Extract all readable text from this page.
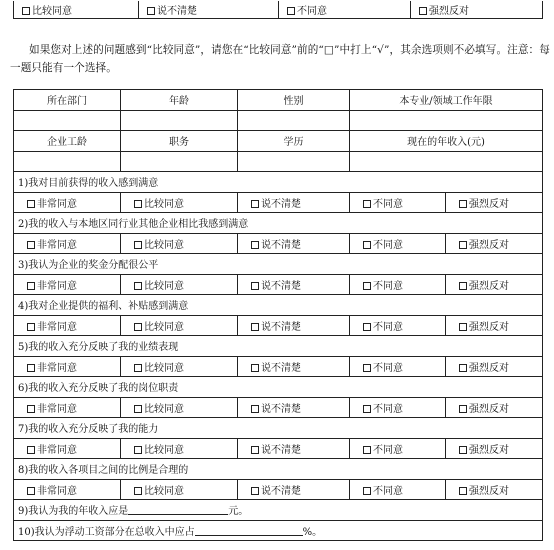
比较同意	说不清楚	不同意	强烈反对

如果您对上述的问题感到“比较同意”，请您在“比较同意”前的“□”中打上“√”，其余选项则不必填写。注意：每一题只能有一个选择。

所在部门	年龄	性别	本专业/领域工作年限	

企业工龄	职务	学历	现在的年收入(元)	

1)我对目前获得的收入感到满意				
非常同意	比较同意	说不清楚	不同意	强烈反对
2)我的收入与本地区同行业其他企业相比我感到满意				
非常同意	比较同意	说不清楚	不同意	强烈反对
3)我认为企业的奖金分配很公平				
非常同意	比较同意	说不清楚	不同意	强烈反对
4)我对企业提供的福利、补贴感到满意				
非常同意	比较同意	说不清楚	不同意	强烈反对
5)我的收入充分反映了我的业绩表现				
非常同意	比较同意	说不清楚	不同意	强烈反对
6)我的收入充分反映了我的岗位职责				
非常同意	比较同意	说不清楚	不同意	强烈反对
7)我的收入充分反映了我的能力				
非常同意	比较同意	说不清楚	不同意	强烈反对
8)我的收入各项目之间的比例是合理的				
非常同意	比较同意	说不清楚	不同意	强烈反对
9)我认为我的年收入应是 元。				
10)我认为浮动工资部分在总收入中应占 %。				
